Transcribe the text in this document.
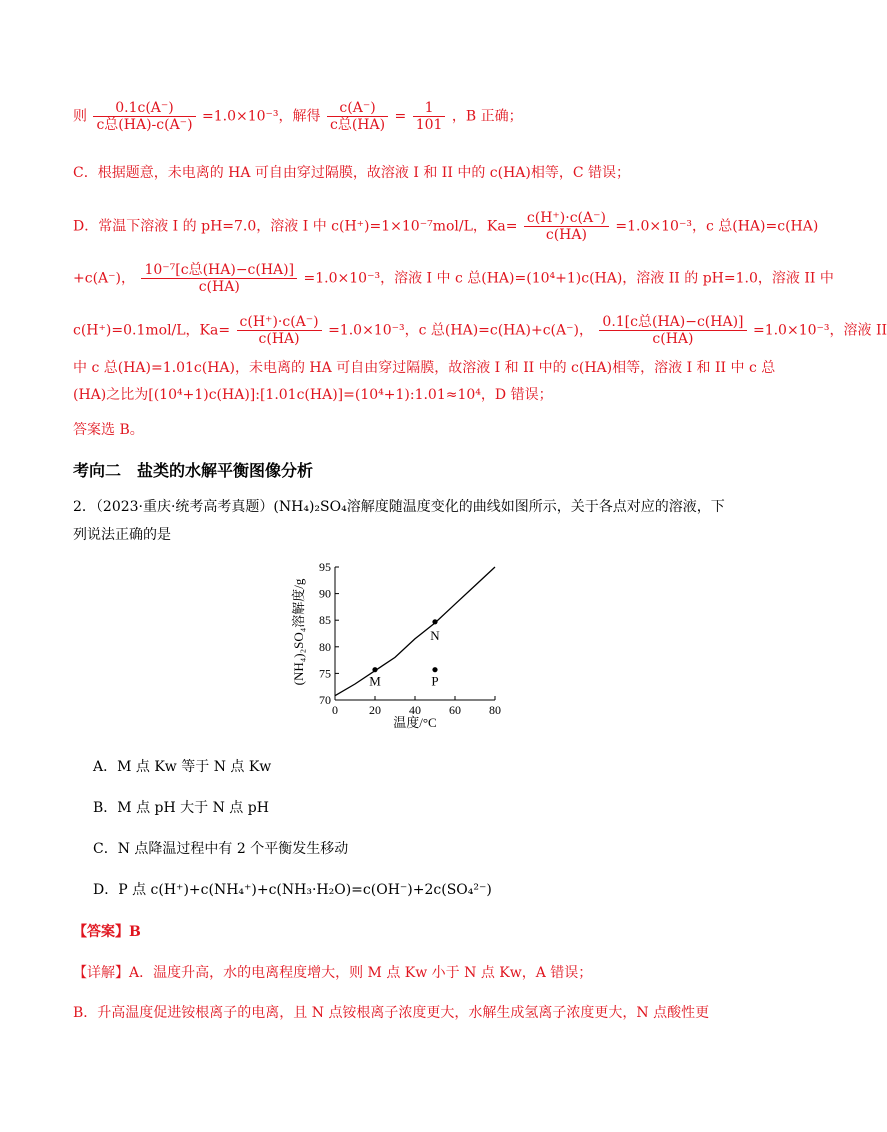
则 $\frac{0.1c(A^-)}{\text{c总(HA)-c(A⁻)}} =1.0\times 10^{-3}$，解得 $\frac{c(A^-)}{\text{c总(HA)}} = \frac{1}{101}$ ，B 正确；
C．根据题意，未电离的 HA 可自由穿过隔膜，故溶液 I 和 II 中的 c(HA)相等，C 错误；
D．常温下溶液 I 的 pH=7.0，溶液 I 中 c(H⁺)=1×10⁻⁷mol/L，$Ka= \frac{c(H^+)\cdot c(A^-)}{c(HA)} =1.0\times 10^{-3}$，c 总(HA)=c(HA)
+c(A⁻)， $\frac{\text{10⁻⁷[c总(HA)−c(HA)]}}{c(HA)} =1.0\times 10^{-3}$，溶液 I 中 c 总(HA)=(10⁴+1)c(HA)，溶液 II 的 pH=1.0，溶液 II 中
c(H⁺)=0.1mol/L，$Ka= \frac{c(H^+)\cdot c(A^-)}{c(HA)} =1.0\times 10^{-3}$，c 总(HA)=c(HA)+c(A⁻)， $\frac{\text{0.1[c总(HA)−c(HA)]}}{c(HA)} =1.0\times 10^{-3}$，溶液 II
中 c 总(HA)=1.01c(HA)，未电离的 HA 可自由穿过隔膜，故溶液 I 和 II 中的 c(HA)相等，溶液 I 和 II 中 c 总
(HA)之比为[(10⁴+1)c(HA)]:[1.01c(HA)]=(10⁴+1):1.01≈10⁴，D 错误；
答案选 B。
考向二　盐类的水解平衡图像分析
2．（2023·重庆·统考高考真题）(NH₄)₂SO₄溶解度随温度变化的曲线如图所示，关于各点对应的溶液，下
列说法正确的是
0	20 40 60 80
70
75
80
85
90
95
M
N
P
温度/°C
(NH₄)₂SO₄溶解度/g
A．M 点 Kw 等于 N 点 Kw
B．M 点 pH 大于 N 点 pH
C．N 点降温过程中有 2 个平衡发生移动
D．P 点 c(H⁺)+c(NH₄⁺)+c(NH₃·H₂O)=c(OH⁻)+2c(SO₄²⁻)
【答案】B
【详解】A．温度升高，水的电离程度增大，则 M 点 Kw 小于 N 点 Kw，A 错误；
B．升高温度促进铵根离子的电离，且 N 点铵根离子浓度更大，水解生成氢离子浓度更大，N 点酸性更
